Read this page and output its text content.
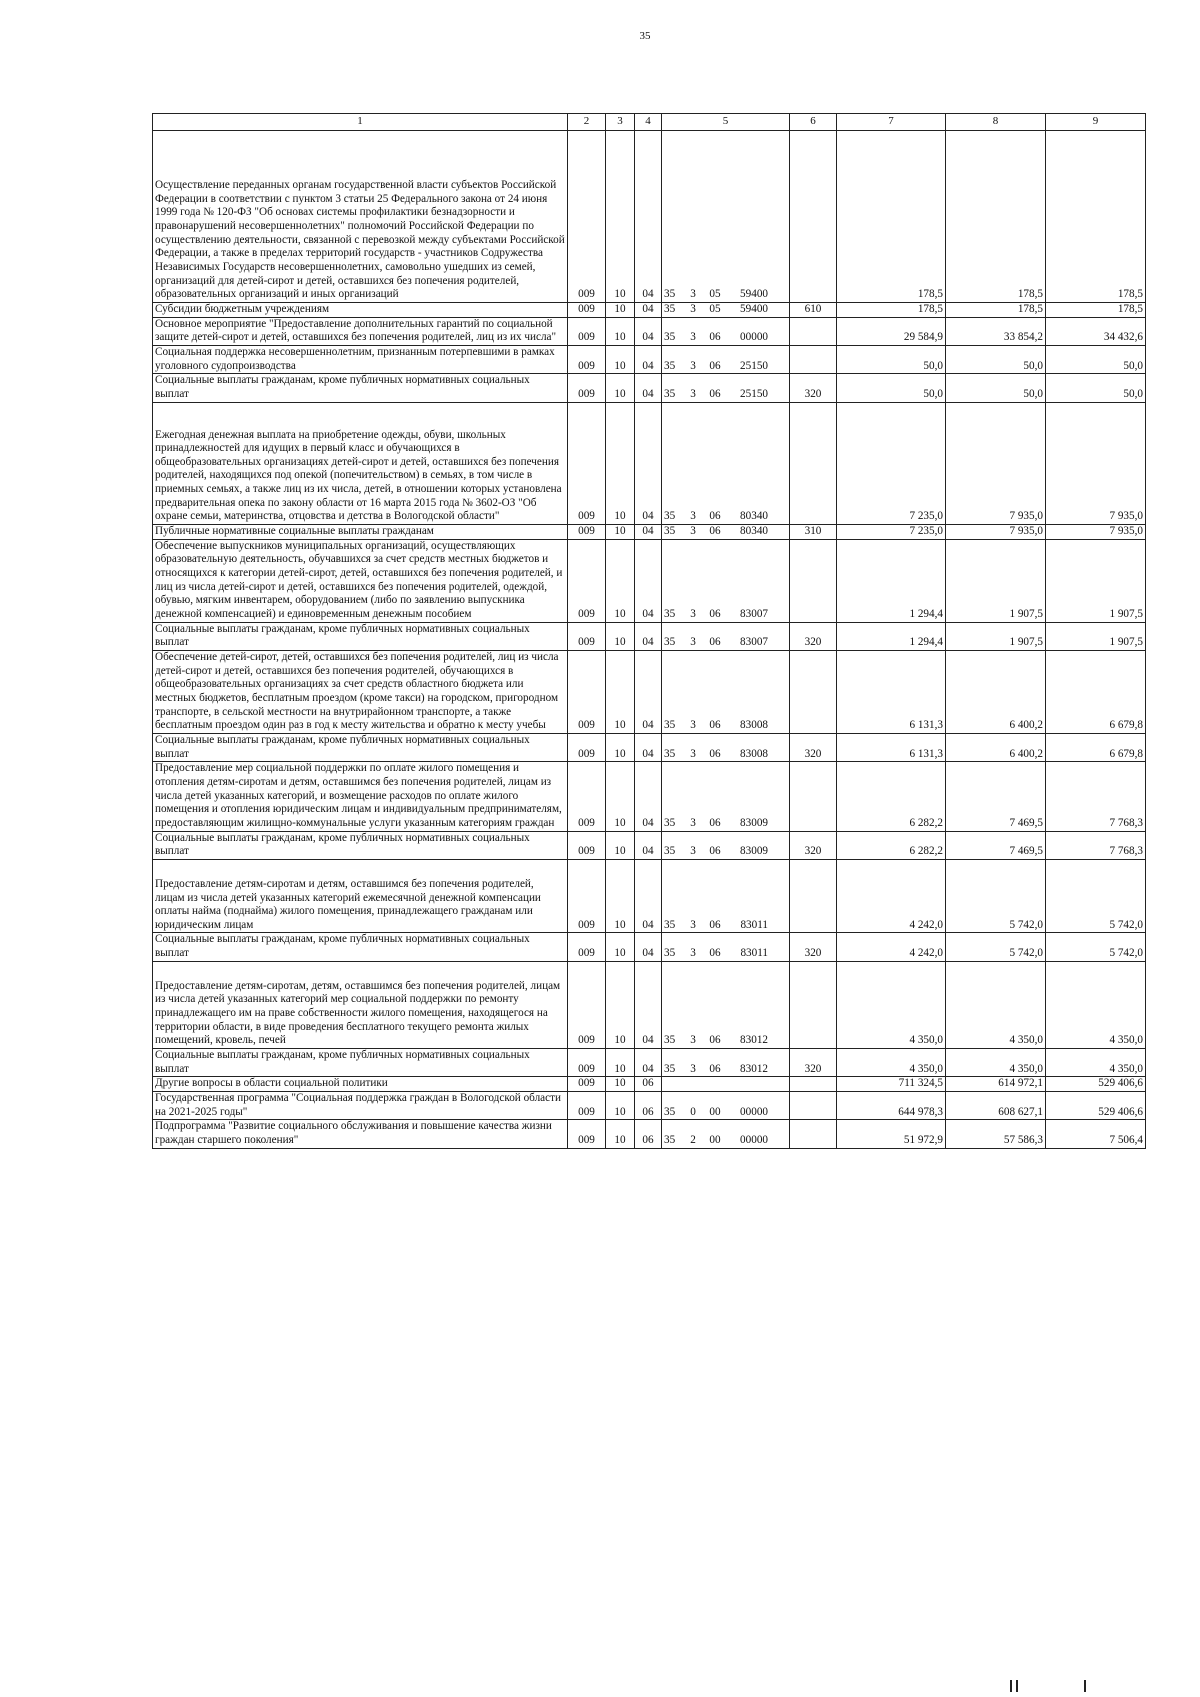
35
1	2	3	4	5	6	7	8	9
Осуществление переданных органам государственной власти субъектов Российской Федерации в соответствии с пунктом 3 статьи 25 Федерального закона от 24 июня 1999 года № 120-ФЗ "Об основах системы профилактики безнадзорности и правонарушений несовершеннолетних" полномочий Российской Федерации по осуществлению деятельности, связанной с перевозкой между субъектами Российской Федерации, а также в пределах территорий государств - участников Содружества Независимых Государств несовершеннолетних, самовольно ушедших из семей, организаций для детей-сирот и детей, оставшихся без попечения родителей, образовательных организаций и иных организаций	009	10	04	35 3 05 59400		178,5	178,5	178,5
Субсидии бюджетным учреждениям	009	10	04	35 3 05 59400	610	178,5	178,5	178,5
Основное мероприятие "Предоставление дополнительных гарантий по социальной защите детей-сирот и детей, оставшихся без попечения родителей, лиц из их числа"	009	10	04	35 3 06 00000		29 584,9	33 854,2	34 432,6
Социальная поддержка несовершеннолетним, признанным потерпевшими в рамках уголовного судопроизводства	009	10	04	35 3 06 25150		50,0	50,0	50,0
Социальные выплаты гражданам, кроме публичных нормативных социальных выплат	009	10	04	35 3 06 25150	320	50,0	50,0	50,0
Ежегодная денежная выплата на приобретение одежды, обуви, школьных принадлежностей для идущих в первый класс и обучающихся в общеобразовательных организациях детей-сирот и детей, оставшихся без попечения родителей, находящихся под опекой (попечительством) в семьях, в том числе в приемных семьях, а также лиц из их числа, детей, в отношении которых установлена предварительная опека по закону области от 16 марта 2015 года № 3602-ОЗ "Об охране семьи, материнства, отцовства и детства в Вологодской области"	009	10	04	35 3 06 80340		7 235,0	7 935,0	7 935,0
Публичные нормативные социальные выплаты гражданам	009	10	04	35 3 06 80340	310	7 235,0	7 935,0	7 935,0
Обеспечение выпускников муниципальных организаций, осуществляющих образовательную деятельность, обучавшихся за счет средств местных бюджетов и относящихся к категории детей-сирот, детей, оставшихся без попечения родителей, и лиц из числа детей-сирот и детей, оставшихся без попечения родителей, одеждой, обувью, мягким инвентарем, оборудованием (либо по заявлению выпускника денежной компенсацией) и единовременным денежным пособием	009	10	04	35 3 06 83007		1 294,4	1 907,5	1 907,5
Социальные выплаты гражданам, кроме публичных нормативных социальных выплат	009	10	04	35 3 06 83007	320	1 294,4	1 907,5	1 907,5
Обеспечение детей-сирот, детей, оставшихся без попечения родителей, лиц из числа детей-сирот и детей, оставшихся без попечения родителей, обучающихся в общеобразовательных организациях за счет средств областного бюджета или местных бюджетов, бесплатным проездом (кроме такси) на городском, пригородном транспорте, в сельской местности на внутрирайонном транспорте, а также бесплатным проездом один раз в год к месту жительства и обратно к месту учебы	009	10	04	35 3 06 83008		6 131,3	6 400,2	6 679,8
Социальные выплаты гражданам, кроме публичных нормативных социальных выплат	009	10	04	35 3 06 83008	320	6 131,3	6 400,2	6 679,8
Предоставление мер социальной поддержки по оплате жилого помещения и отопления детям-сиротам и детям, оставшимся без попечения родителей, лицам из числа детей указанных категорий, и возмещение расходов по оплате жилого помещения и отопления юридическим лицам и индивидуальным предпринимателям, предоставляющим жилищно-коммунальные услуги указанным категориям граждан	009	10	04	35 3 06 83009		6 282,2	7 469,5	7 768,3
Социальные выплаты гражданам, кроме публичных нормативных социальных выплат	009	10	04	35 3 06 83009	320	6 282,2	7 469,5	7 768,3
Предоставление детям-сиротам и детям, оставшимся без попечения родителей, лицам из числа детей указанных категорий ежемесячной денежной компенсации оплаты найма (поднайма) жилого помещения, принадлежащего гражданам или юридическим лицам	009	10	04	35 3 06 83011		4 242,0	5 742,0	5 742,0
Социальные выплаты гражданам, кроме публичных нормативных социальных выплат	009	10	04	35 3 06 83011	320	4 242,0	5 742,0	5 742,0
Предоставление детям-сиротам, детям, оставшимся без попечения родителей, лицам из числа детей указанных категорий мер социальной поддержки по ремонту принадлежащего им на праве собственности жилого помещения, находящегося на территории области, в виде проведения бесплатного текущего ремонта жилых помещений, кровель, печей	009	10	04	35 3 06 83012		4 350,0	4 350,0	4 350,0
Социальные выплаты гражданам, кроме публичных нормативных социальных выплат	009	10	04	35 3 06 83012	320	4 350,0	4 350,0	4 350,0
Другие вопросы в области социальной политики	009	10	06			711 324,5	614 972,1	529 406,6
Государственная программа "Социальная поддержка граждан в Вологодской области на 2021-2025 годы"	009	10	06	35 0 00 00000		644 978,3	608 627,1	529 406,6
Подпрограмма "Развитие социального обслуживания и повышение качества жизни граждан старшего поколения"	009	10	06	35 2 00 00000		51 972,9	57 586,3	7 506,4
